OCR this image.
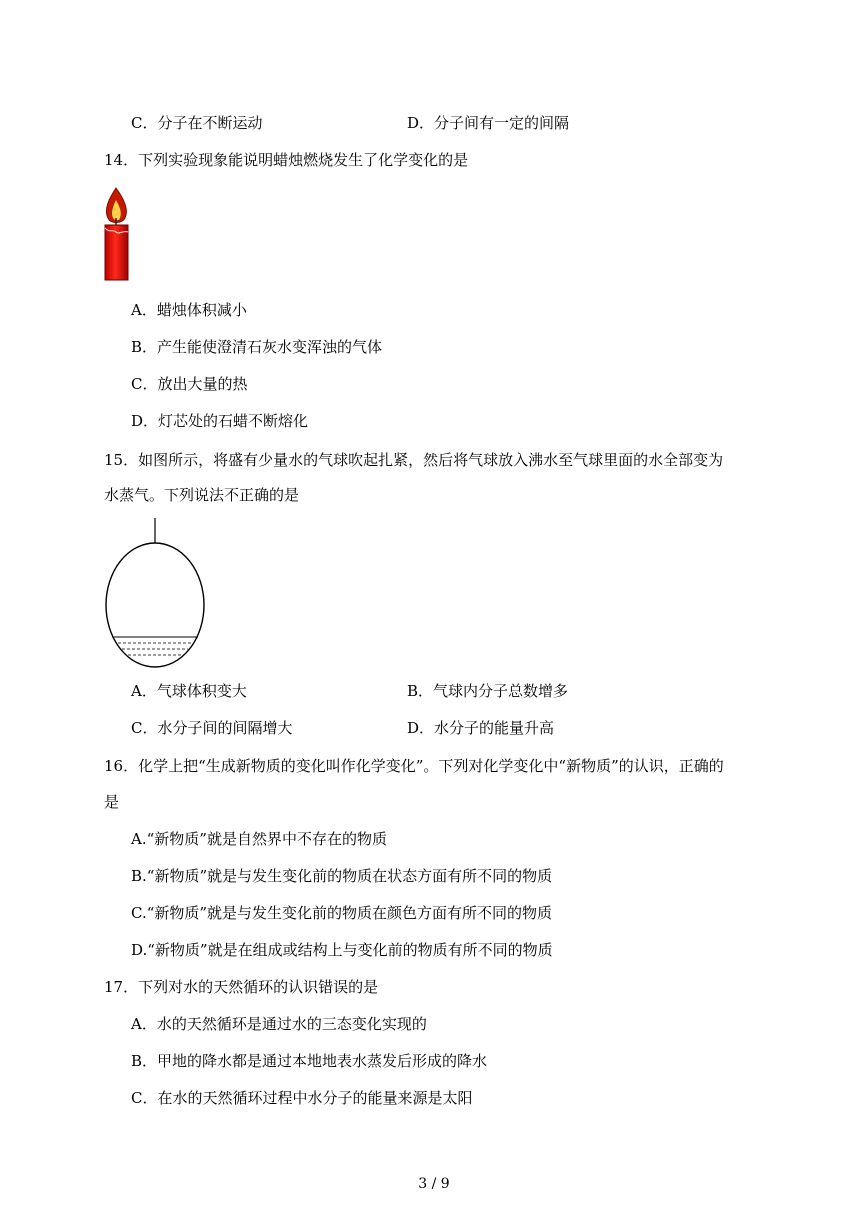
C．分子在不断运动	D．分子间有一定的间隔
14．下列实验现象能说明蜡烛燃烧发生了化学变化的是
A．蜡烛体积减小
B．产生能使澄清石灰水变浑浊的气体
C．放出大量的热
D．灯芯处的石蜡不断熔化
15．如图所示，将盛有少量水的气球吹起扎紧，然后将气球放入沸水至气球里面的水全部变为
水蒸气。下列说法不正确的是
A．气球体积变大	B．气球内分子总数增多
C．水分子间的间隔增大	D．水分子的能量升高
16．化学上把“生成新物质的变化叫作化学变化”。下列对化学变化中“新物质”的认识，正确的
是
A.“新物质”就是自然界中不存在的物质
B.“新物质”就是与发生变化前的物质在状态方面有所不同的物质
C.“新物质”就是与发生变化前的物质在颜色方面有所不同的物质
D.“新物质”就是在组成或结构上与变化前的物质有所不同的物质
17．下列对水的天然循环的认识错误的是
A．水的天然循环是通过水的三态变化实现的
B．甲地的降水都是通过本地地表水蒸发后形成的降水
C．在水的天然循环过程中水分子的能量来源是太阳
3 / 9
